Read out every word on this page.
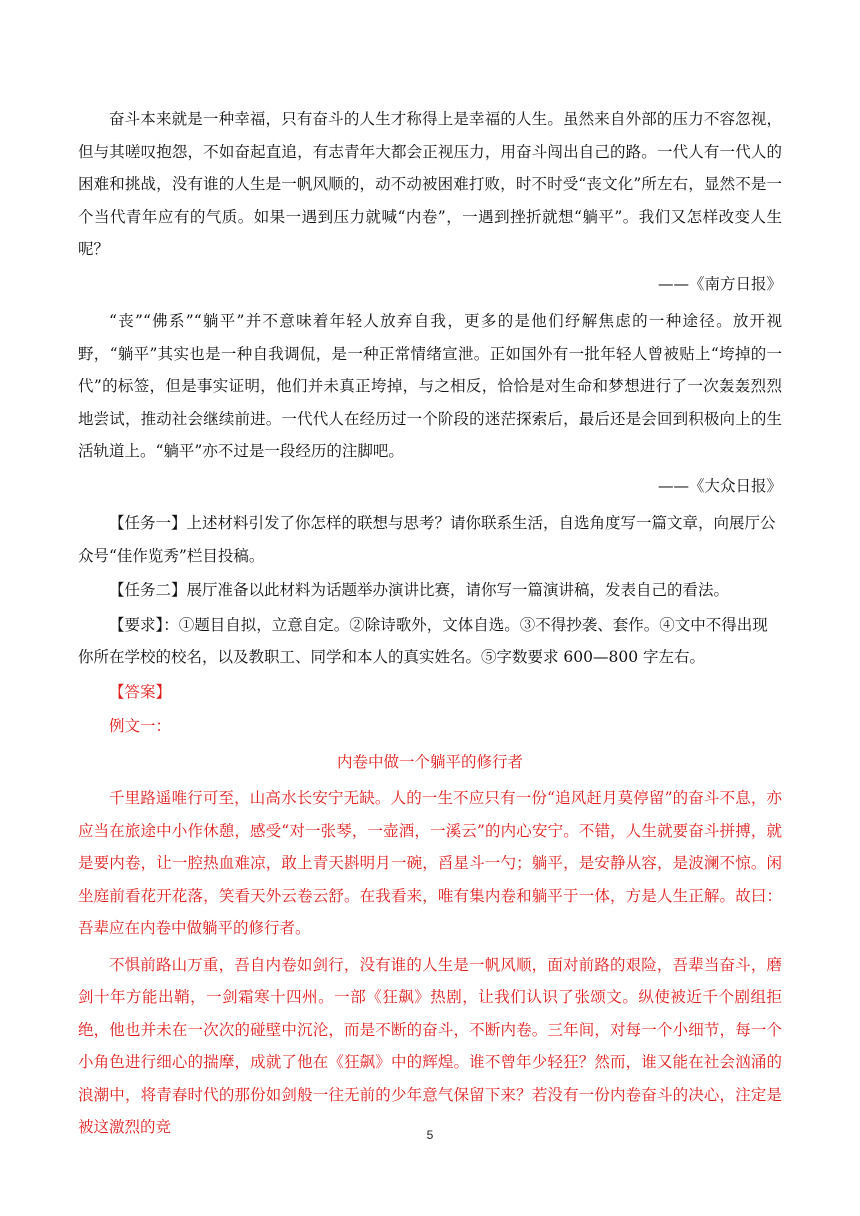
奋斗本来就是一种幸福，只有奋斗的人生才称得上是幸福的人生。虽然来自外部的压力不容忽视，但与其嗟叹抱怨，不如奋起直追，有志青年大都会正视压力，用奋斗闯出自己的路。一代人有一代人的困难和挑战，没有谁的人生是一帆风顺的，动不动被困难打败，时不时受“丧文化”所左右，显然不是一个当代青年应有的气质。如果一遇到压力就喊“内卷”，一遇到挫折就想“躺平”。我们又怎样改变人生呢？

——《南方日报》

“丧”“佛系”“躺平”并不意味着年轻人放弃自我，更多的是他们纾解焦虑的一种途径。放开视野，“躺平”其实也是一种自我调侃，是一种正常情绪宣泄。正如国外有一批年轻人曾被贴上“垮掉的一代”的标签，但是事实证明，他们并未真正垮掉，与之相反，恰恰是对生命和梦想进行了一次轰轰烈烈地尝试，推动社会继续前进。一代代人在经历过一个阶段的迷茫探索后，最后还是会回到积极向上的生活轨道上。“躺平”亦不过是一段经历的注脚吧。

——《大众日报》

【任务一】上述材料引发了你怎样的联想与思考？请你联系生活，自选角度写一篇文章，向展厅公众号“佳作览秀”栏目投稿。

【任务二】展厅准备以此材料为话题举办演讲比赛，请你写一篇演讲稿，发表自己的看法。

【要求】：①题目自拟，立意自定。②除诗歌外，文体自选。③不得抄袭、套作。④文中不得出现你所在学校的校名，以及教职工、同学和本人的真实姓名。⑤字数要求 600—800 字左右。

【答案】

例文一：

内卷中做一个躺平的修行者

千里路遥唯行可至，山高水长安宁无缺。人的一生不应只有一份“追风赶月莫停留”的奋斗不息，亦应当在旅途中小作休憩，感受“对一张琴，一壶酒，一溪云”的内心安宁。不错，人生就要奋斗拼搏，就是要内卷，让一腔热血难凉，敢上青天斟明月一碗，舀星斗一勺；躺平，是安静从容，是波澜不惊。闲坐庭前看花开花落，笑看天外云卷云舒。在我看来，唯有集内卷和躺平于一体，方是人生正解。故曰：吾辈应在内卷中做躺平的修行者。

不惧前路山万重，吾自内卷如剑行，没有谁的人生是一帆风顺，面对前路的艰险，吾辈当奋斗，磨剑十年方能出鞘，一剑霜寒十四州。一部《狂飙》热剧，让我们认识了张颂文。纵使被近千个剧组拒绝，他也并未在一次次的碰壁中沉沦，而是不断的奋斗，不断内卷。三年间，对每一个小细节，每一个小角色进行细心的揣摩，成就了他在《狂飙》中的辉煌。谁不曾年少轻狂？然而，谁又能在社会汹涌的浪潮中，将青春时代的那份如剑般一往无前的少年意气保留下来？若没有一份内卷奋斗的决心，注定是被这激烈的竞	5
